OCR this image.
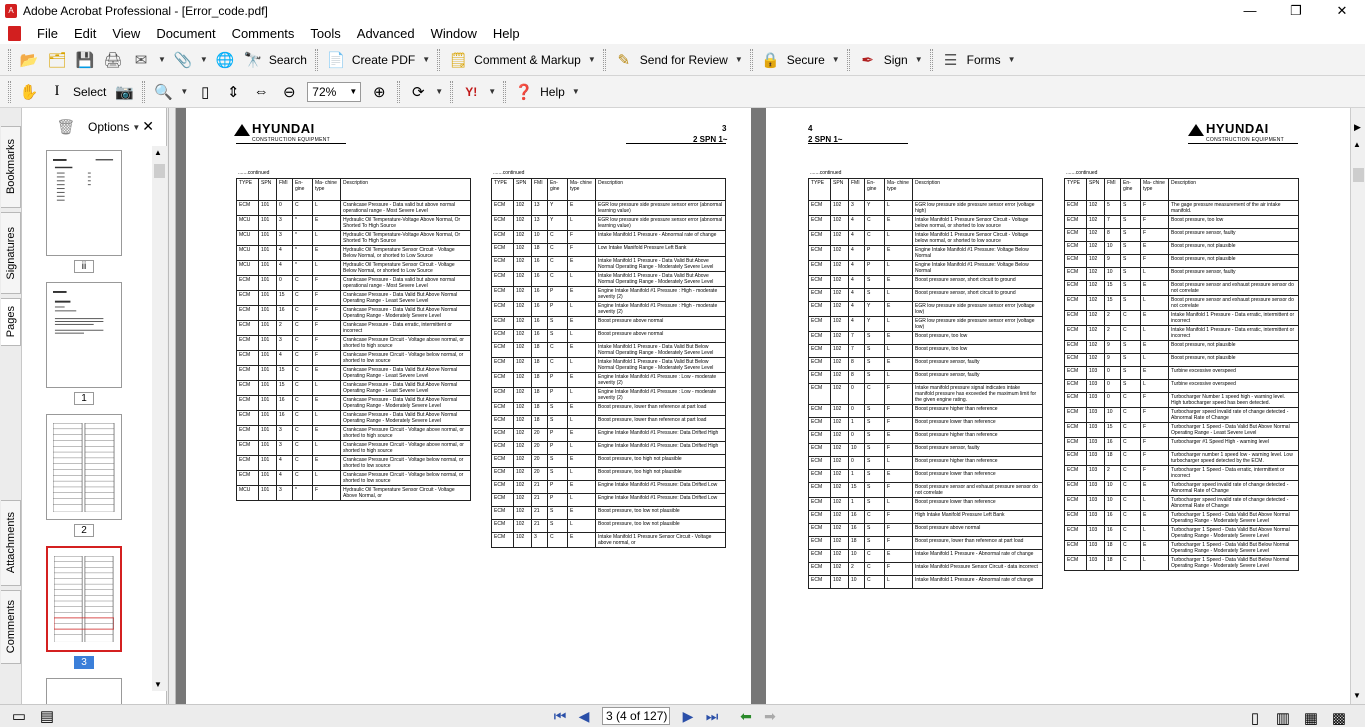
A Adobe Acrobat Professional - [Error_code.pdf]	—	❐	✕
File	Edit	View	Document	Comments	Tools	Advanced	Window	Help
📂 🗂 💾 🖨 ✉	▼ 📎 ▼ 🌐 🔭 Search 📄 Create PDF ▼ 🗒 Comment & Markup ▼	✎ Send for Review ▼ 🔒 Secure ▼	✒ Sign ▼ ☰ Forms ▼
✋	I	Select 📷 🔍 ▼ ▯	⇕ ⇔ ⊖	72% ▼	⊕	⟳	▼	Y!	▼ ❓ Help ▼
Bookmarks
Signatures
Pages
Attachments
Comments
🗑 Options ▼ ✕
ii
1
2
3
▲
▼
HYUNDAI
CONSTRUCTION EQUIPMENT
3
2 SPN 1~
.......continued	.......continued
TYPE	SPN	FMI	En- gine	Ma- chine type	Description
ECM	101	0	C	L	Crankcase Pressure - Data valid but above normal operational range - Most Severe Level
MCU	101	3	*	E	Hydraulic Oil Temperature-Voltage Above Normal, Or Shorted To High Source
MCU	101	3	*	L	Hydraulic Oil Temperature-Voltage Above Normal, Or Shorted To High Source
MCU	101	4	*	E	Hydraulic Oil Temperature Sensor Circuit - Voltage Below Normal, or shorted to Low Source
MCU	101	4	*	L	Hydraulic Oil Temperature Sensor Circuit - Voltage Below Normal, or shorted to Low Source
ECM	101	0	C	F	Crankcase Pressure - Data valid but above normal operational range - Most Severe Level
ECM	101	15	C	F	Crankcase Pressure - Data Valid But Above Normal Operating Range - Least Severe Level
ECM	101	16	C	F	Crankcase Pressure - Data Valid But Above Normal Operating Range - Moderately Severe Level
ECM	101	2	C	F	Crankcase Pressure - Data erratic, intermittent or incorrect
ECM	101	3	C	F	Crankcase Pressure Circuit - Voltage above normal, or shorted to high source
ECM	101	4	C	F	Crankcase Pressure Circuit - Voltage below normal, or shorted to low source
ECM	101	15	C	E	Crankcase Pressure - Data Valid But Above Normal Operating Range - Least Severe Level
ECM	101	15	C	L	Crankcase Pressure - Data Valid But Above Normal Operating Range - Least Severe Level
ECM	101	16	C	E	Crankcase Pressure - Data Valid But Above Normal Operating Range - Moderately Severe Level
ECM	101	16	C	L	Crankcase Pressure - Data Valid But Above Normal Operating Range - Moderately Severe Level
ECM	101	3	C	E	Crankcase Pressure Circuit - Voltage above normal, or shorted to high source
ECM	101	3	C	L	Crankcase Pressure Circuit - Voltage above normal, or shorted to high source
ECM	101	4	C	E	Crankcase Pressure Circuit - Voltage below normal, or shorted to low source
ECM	101	4	C	L	Crankcase Pressure Circuit - Voltage below normal, or shorted to low source
MCU	101	3	*	F	Hydraulic Oil Temperature Sensor Circuit - Voltage Above Normal, or
TYPE	SPN	FMI	En- gine	Ma- chine type	Description
ECM	102	13	Y	E	EGR low pressure side pressure sensor error (abnormal learning value)
ECM	102	13	Y	L	EGR low pressure side pressure sensor error (abnormal learning value)
ECM	102	10	C	F	Intake Manifold 1 Pressure - Abnormal rate of change
ECM	102	18	C	F	Low Intake Manifold Pressure Left Bank
ECM	102	16	C	E	Intake Manifold 1 Pressure - Data Valid But Above Normal Operating Range - Moderately Severe Level
ECM	102	16	C	L	Intake Manifold 1 Pressure - Data Valid But Above Normal Operating Range - Moderately Severe Level
ECM	102	16	P	E	Engine Intake Manifold #1 Pressure : High - moderate severity (2)
ECM	102	16	P	L	Engine Intake Manifold #1 Pressure : High - moderate severity (2)
ECM	102	16	S	E	Boost pressure above normal
ECM	102	16	S	L	Boost pressure above normal
ECM	102	18	C	E	Intake Manifold 1 Pressure - Data Valid But Below Normal Operating Range - Moderately Severe Level
ECM	102	18	C	L	Intake Manifold 1 Pressure - Data Valid But Below Normal Operating Range - Moderately Severe Level
ECM	102	18	P	E	Engine Intake Manifold #1 Pressure : Low - moderate severity (2)
ECM	102	18	P	L	Engine Intake Manifold #1 Pressure : Low - moderate severity (2)
ECM	102	18	S	E	Boost pressure, lower than reference at part load
ECM	102	18	S	L	Boost pressure, lower than reference at part load
ECM	102	20	P	E	Engine Intake Manifold #1 Pressure: Data Drifted High
ECM	102	20	P	L	Engine Intake Manifold #1 Pressure: Data Drifted High
ECM	102	20	S	E	Boost pressure, too high not plausible
ECM	102	20	S	L	Boost pressure, too high not plausible
ECM	102	21	P	E	Engine Intake Manifold #1 Pressure: Data Drifted Low
ECM	102	21	P	L	Engine Intake Manifold #1 Pressure: Data Drifted Low
ECM	102	21	S	E	Boost pressure, too low not plausible
ECM	102	21	S	L	Boost pressure, too low not plausible
ECM	102	3	C	E	Intake Manifold 1 Pressure Sensor Circuit - Voltage above normal, or
4
2 SPN 1~
HYUNDAI
CONSTRUCTION EQUIPMENT
.......continued	.......continued
TYPE	SPN	FMI	En- gine	Ma- chine type	Description
ECM	102	3	Y	L	EGR low pressure side pressure sensor error (voltage high)
ECM	102	4	C	E	Intake Manifold 1 Pressure Sensor Circuit - Voltage below normal, or shorted to low source
ECM	102	4	C	L	Intake Manifold 1 Pressure Sensor Circuit - Voltage below normal, or shorted to low source
ECM	102	4	P	E	Engine Intake Manifold #1 Pressure: Voltage Below Normal
ECM	102	4	P	L	Engine Intake Manifold #1 Pressure: Voltage Below Normal
ECM	102	4	S	E	Boost pressure sensor, short circuit to ground
ECM	102	4	S	L	Boost pressure sensor, short circuit to ground
ECM	102	4	Y	E	EGR low pressure side pressure sensor error (voltage low)
ECM	102	4	Y	L	EGR low pressure side pressure sensor error (voltage low)
ECM	102	7	S	E	Boost pressure, too low
ECM	102	7	S	L	Boost pressure, too low
ECM	102	8	S	E	Boost pressure sensor, faulty
ECM	102	8	S	L	Boost pressure sensor, faulty
ECM	102	0	C	F	Intake manifold pressure signal indicates intake manifold pressure has exceeded the maximum limit for the given engine rating.
ECM	102	0	S	F	Boost pressure higher than reference
ECM	102	1	S	F	Boost pressure lower than reference
ECM	102	0	S	E	Boost pressure higher than reference
ECM	102	10	S	F	Boost pressure sensor, faulty
ECM	102	0	S	L	Boost pressure higher than reference
ECM	102	1	S	E	Boost pressure lower than reference
ECM	102	15	S	F	Boost pressure sensor and exhaust pressure sensor do not correlate
ECM	102	1	S	L	Boost pressure lower than reference
ECM	102	16	C	F	High Intake Manifold Pressure Left Bank
ECM	102	16	S	F	Boost pressure above normal
ECM	102	18	S	F	Boost pressure, lower than reference at part load
ECM	102	10	C	E	Intake Manifold 1 Pressure - Abnormal rate of change
ECM	102	2	C	F	Intake Manifold Pressure Sensor Circuit - data incorrect
ECM	102	10	C	L	Intake Manifold 1 Pressure - Abnormal rate of change
TYPE	SPN	FMI	En- gine	Ma- chine type	Description
ECM	102	5	S	F	The gage pressure measurement of the air intake manifold.
ECM	102	7	S	F	Boost pressure, too low
ECM	102	8	S	F	Boost pressure sensor, faulty
ECM	102	10	S	E	Boost pressure, not plausible
ECM	102	9	S	F	Boost pressure, not plausible
ECM	102	10	S	L	Boost pressure sensor, faulty
ECM	102	15	S	E	Boost pressure sensor and exhaust pressure sensor do not correlate
ECM	102	15	S	L	Boost pressure sensor and exhaust pressure sensor do not correlate
ECM	102	2	C	E	Intake Manifold 1 Pressure - Data erratic, intermittent or incorrect
ECM	102	2	C	L	Intake Manifold 1 Pressure - Data erratic, intermittent or incorrect
ECM	102	9	S	E	Boost pressure, not plausible
ECM	102	9	S	L	Boost pressure, not plausible
ECM	103	0	S	E	Turbine excessive overspeed
ECM	103	0	S	L	Turbine excessive overspeed
ECM	103	0	C	F	Turbocharger Number 1 speed high - warning level. High turbocharger speed has been detected.
ECM	103	10	C	F	Turbocharger speed invalid rate of change detected - Abnormal Rate of Change
ECM	103	15	C	F	Turbocharger 1 Speed - Data Valid But Above Normal Operating Range - Least Severe Level
ECM	103	16	C	F	Turbocharger #1 Speed High - warning level
ECM	103	18	C	F	Turbocharger number 1 speed low - warning level. Low turbocharger speed detected by the ECM.
ECM	103	2	C	F	Turbocharger 1 Speed - Data erratic, intermittent or incorrect
ECM	103	10	C	E	Turbocharger speed invalid rate of change detected - Abnormal Rate of Change
ECM	103	10	C	L	Turbocharger speed invalid rate of change detected - Abnormal Rate of Change
ECM	103	16	C	E	Turbocharger 1 Speed - Data Valid But Above Normal Operating Range - Moderately Severe Level
ECM	103	16	C	L	Turbocharger 1 Speed - Data Valid But Above Normal Operating Range - Moderately Severe Level
ECM	103	18	C	E	Turbocharger 1 Speed - Data Valid But Below Normal Operating Range - Moderately Severe Level
ECM	103	18	C	L	Turbocharger 1 Speed - Data Valid But Below Normal Operating Range - Moderately Severe Level
▶
▲
▼
▭ ▤	▯	▥ ▦ ▩
⏮ ◀	3
(4 of 127)	▶ ⏭	⬅ ➡
